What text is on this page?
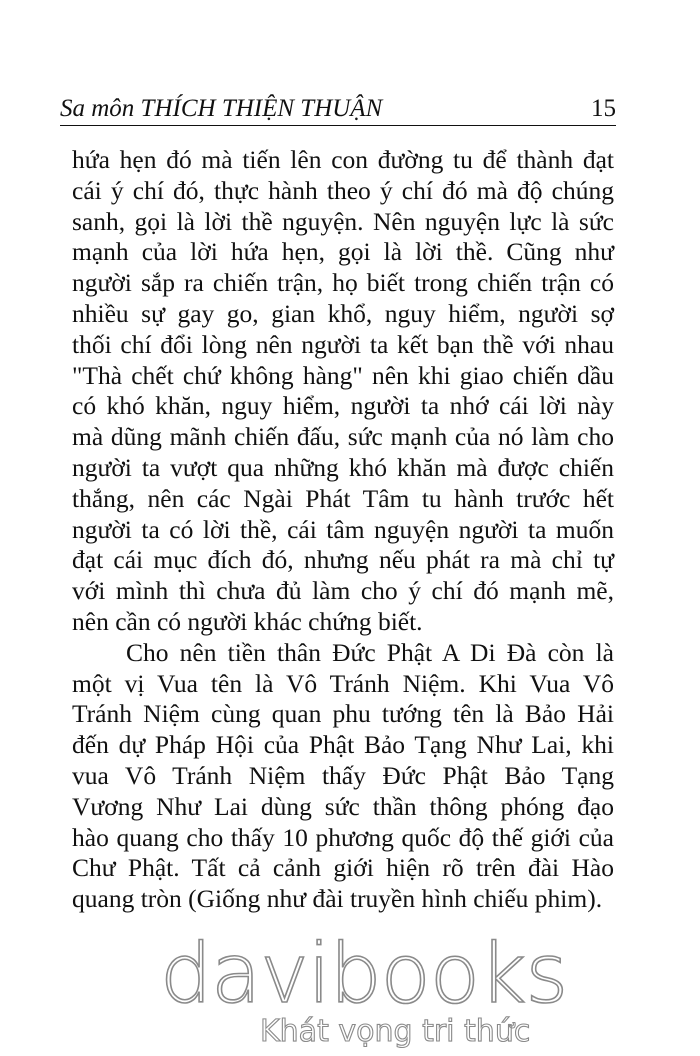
Sa môn THÍCH THIỆN THUẬN	15
hứa hẹn đó mà tiến lên con đường tu để thành đạt
cái ý chí đó, thực hành theo ý chí đó mà độ chúng
sanh, gọi là lời thề nguyện. Nên nguyện lực là sức
mạnh của lời hứa hẹn, gọi là lời thề. Cũng như
người sắp ra chiến trận, họ biết trong chiến trận có
nhiều sự gay go, gian khổ, nguy hiểm, người sợ
thối chí đổi lòng nên người ta kết bạn thề với nhau
"Thà chết chứ không hàng" nên khi giao chiến dầu
có khó khăn, nguy hiểm, người ta nhớ cái lời này
mà dũng mãnh chiến đấu, sức mạnh của nó làm cho
người ta vượt qua những khó khăn mà được chiến
thắng, nên các Ngài Phát Tâm tu hành trước hết
người ta có lời thề, cái tâm nguyện người ta muốn
đạt cái mục đích đó, nhưng nếu phát ra mà chỉ tự
với mình thì chưa đủ làm cho ý chí đó mạnh mẽ,
nên cần có người khác chứng biết.
Cho nên tiền thân Đức Phật A Di Đà còn là
một vị Vua tên là Vô Tránh Niệm. Khi Vua Vô
Tránh Niệm cùng quan phu tướng tên là Bảo Hải
đến dự Pháp Hội của Phật Bảo Tạng Như Lai, khi
vua Vô Tránh Niệm thấy Đức Phật Bảo Tạng
Vương Như Lai dùng sức thần thông phóng đạo
hào quang cho thấy 10 phương quốc độ thế giới của
Chư Phật. Tất cả cảnh giới hiện rõ trên đài Hào
quang tròn (Giống như đài truyền hình chiếu phim).
davibooks
Khát vọng tri thức
